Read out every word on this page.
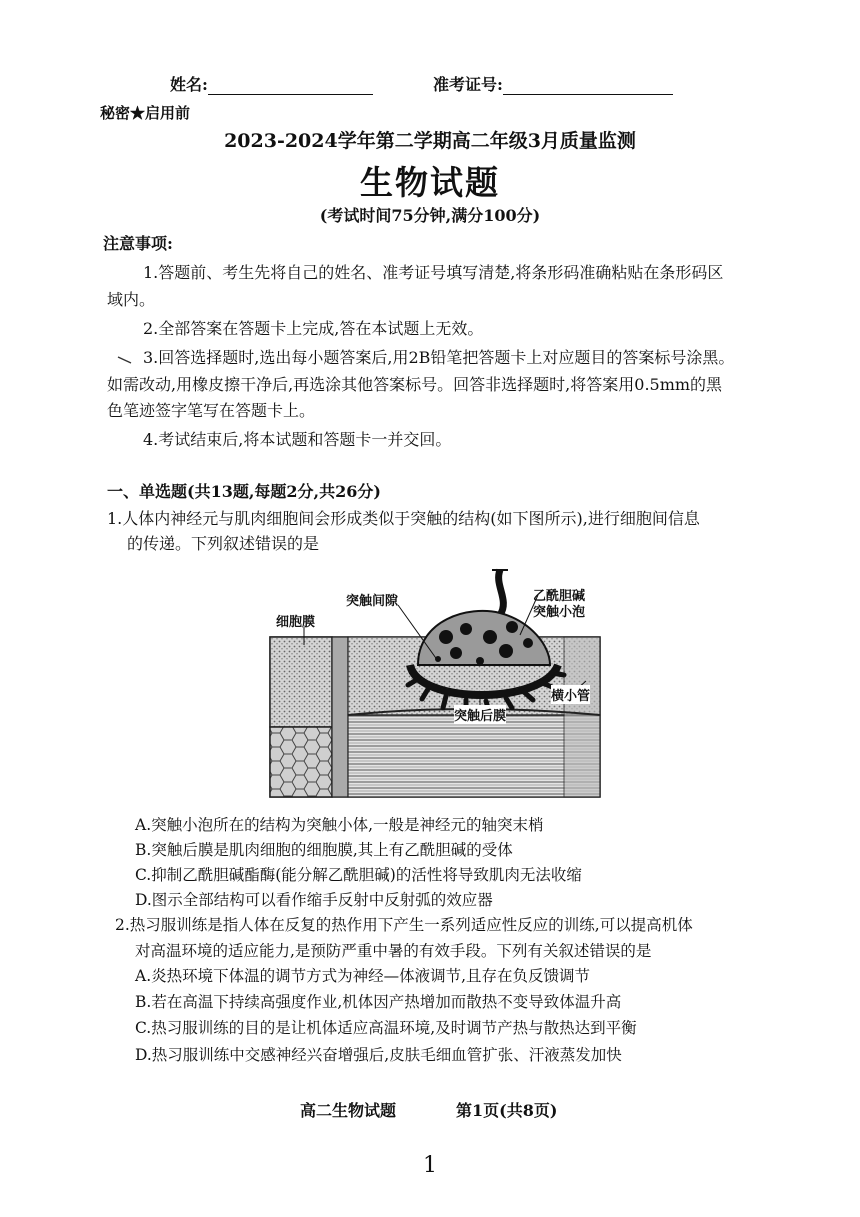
姓名:	准考证号:
秘密★启用前
2023-2024学年第二学期高二年级3月质量监测
生物试题
(考试时间75分钟,满分100分)
注意事项:
1.答题前、考生先将自己的姓名、准考证号填写清楚,将条形码准确粘贴在条形码区
域内。
2.全部答案在答题卡上完成,答在本试题上无效。
3.回答选择题时,选出每小题答案后,用2B铅笔把答题卡上对应题目的答案标号涂黑。
如需改动,用橡皮擦干净后,再选涂其他答案标号。回答非选择题时,将答案用0.5mm的黑
色笔迹签字笔写在答题卡上。
4.考试结束后,将本试题和答题卡一并交回。
一、单选题(共13题,每题2分,共26分)
1.人体内神经元与肌肉细胞间会形成类似于突触的结构(如下图所示),进行细胞间信息
的传递。下列叙述错误的是
细胞膜
突触间隙	乙酰胆碱
突触小泡
横小管
突触后膜
A.突触小泡所在的结构为突触小体,一般是神经元的轴突末梢
B.突触后膜是肌肉细胞的细胞膜,其上有乙酰胆碱的受体
C.抑制乙酰胆碱酯酶(能分解乙酰胆碱)的活性将导致肌肉无法收缩
D.图示全部结构可以看作缩手反射中反射弧的效应器
2.热习服训练是指人体在反复的热作用下产生一系列适应性反应的训练,可以提高机体
对高温环境的适应能力,是预防严重中暑的有效手段。下列有关叙述错误的是
A.炎热环境下体温的调节方式为神经—体液调节,且存在负反馈调节
B.若在高温下持续高强度作业,机体因产热增加而散热不变导致体温升高
C.热习服训练的目的是让机体适应高温环境,及时调节产热与散热达到平衡
D.热习服训练中交感神经兴奋增强后,皮肤毛细血管扩张、汗液蒸发加快
高二生物试题	第1页(共8页)
1
